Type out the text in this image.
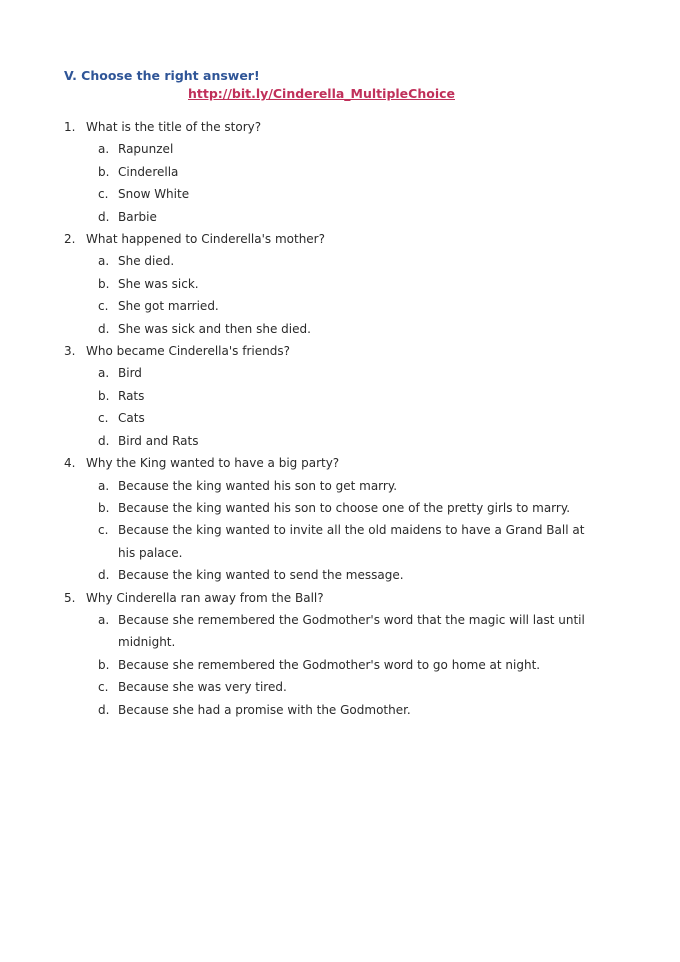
V. Choose the right answer!
http://bit.ly/Cinderella_MultipleChoice
1. What is the title of the story?
a. Rapunzel
b. Cinderella
c. Snow White
d. Barbie
2. What happened to Cinderella's mother?
a. She died.
b. She was sick.
c. She got married.
d. She was sick and then she died.
3. Who became Cinderella's friends?
a. Bird
b. Rats
c. Cats
d. Bird and Rats
4. Why the King wanted to have a big party?
a. Because the king wanted his son to get marry.
b. Because the king wanted his son to choose one of the pretty girls to marry.
c. Because the king wanted to invite all the old maidens to have a Grand Ball at his palace.
d. Because the king wanted to send the message.
5. Why Cinderella ran away from the Ball?
a. Because she remembered the Godmother's word that the magic will last until midnight.
b. Because she remembered the Godmother's word to go home at night.
c. Because she was very tired.
d. Because she had a promise with the Godmother.
